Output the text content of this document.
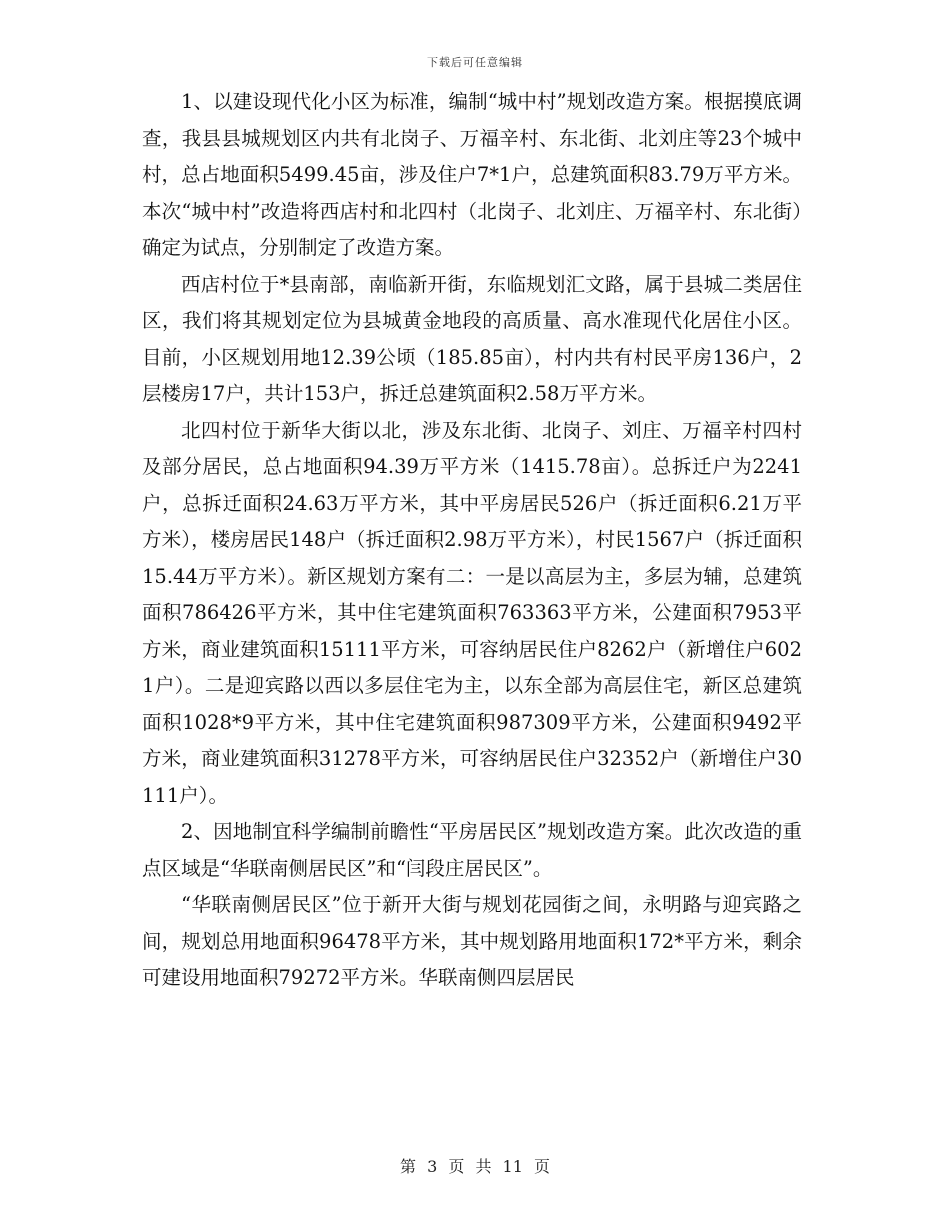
下载后可任意编辑

1、以建设现代化小区为标准，编制“城中村”规划改造方案。根据摸底调查，我县县城规划区内共有北岗子、万福辛村、东北街、北刘庄等23个城中村，总占地面积5499.45亩，涉及住户7*1户，总建筑面积83.79万平方米。本次“城中村”改造将西店村和北四村（北岗子、北刘庄、万福辛村、东北街）确定为试点，分别制定了改造方案。

西店村位于*县南部，南临新开街，东临规划汇文路，属于县城二类居住区，我们将其规划定位为县城黄金地段的高质量、高水准现代化居住小区。目前，小区规划用地12.39公顷（185.85亩），村内共有村民平房136户，2层楼房17户，共计153户，拆迁总建筑面积2.58万平方米。

北四村位于新华大街以北，涉及东北街、北岗子、刘庄、万福辛村四村及部分居民，总占地面积94.39万平方米（1415.78亩）。总拆迁户为2241户，总拆迁面积24.63万平方米，其中平房居民526户（拆迁面积6.21万平方米），楼房居民148户（拆迁面积2.98万平方米），村民1567户（拆迁面积15.44万平方米）。新区规划方案有二：一是以高层为主，多层为辅，总建筑面积786426平方米，其中住宅建筑面积763363平方米，公建面积7953平方米，商业建筑面积15111平方米，可容纳居民住户8262户（新增住户6021户）。二是迎宾路以西以多层住宅为主，以东全部为高层住宅，新区总建筑面积1028*9平方米，其中住宅建筑面积987309平方米，公建面积9492平方米，商业建筑面积31278平方米，可容纳居民住户32352户（新增住户30111户）。

2、因地制宜科学编制前瞻性“平房居民区”规划改造方案。此次改造的重点区域是“华联南侧居民区”和“闫段庄居民区”。

“华联南侧居民区”位于新开大街与规划花园街之间，永明路与迎宾路之间，规划总用地面积96478平方米，其中规划路用地面积172*平方米，剩余可建设用地面积79272平方米。华联南侧四层居民

第 3 页 共 11 页
